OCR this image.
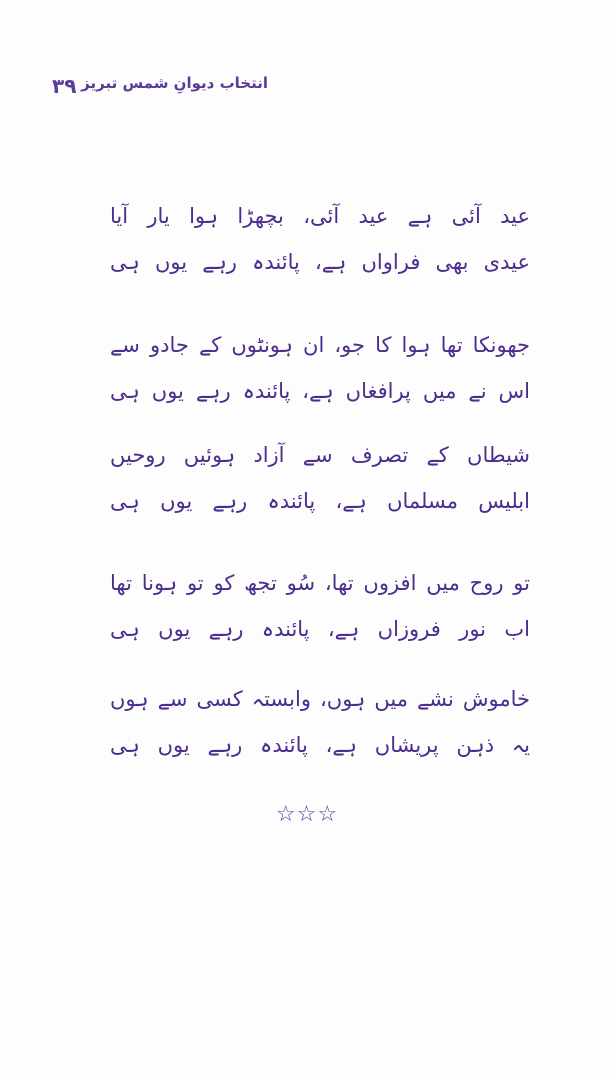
۳۹ انتخاب دیوانِ شمس تبریز
عید آئی ہے عید آئی، بچھڑا ہوا یار آیا
عیدی بھی فراواں ہے، پائندہ رہے یوں ہی
جھونکا تھا ہوا کا جو، ان ہونٹوں کے جادو سے
اس نے میں پرافغاں ہے، پائندہ رہے یوں ہی
شیطاں کے تصرف سے آزاد ہوئیں روحیں
ابلیس مسلماں ہے، پائندہ رہے یوں ہی
تو روح میں افزوں تھا، سُو تجھ کو تو ہونا تھا
اب نور فروزاں ہے، پائندہ رہے یوں ہی
خاموش نشے میں ہوں، وابستہ کسی سے ہوں
یہ ذہن پریشاں ہے، پائندہ رہے یوں ہی
☆☆☆
